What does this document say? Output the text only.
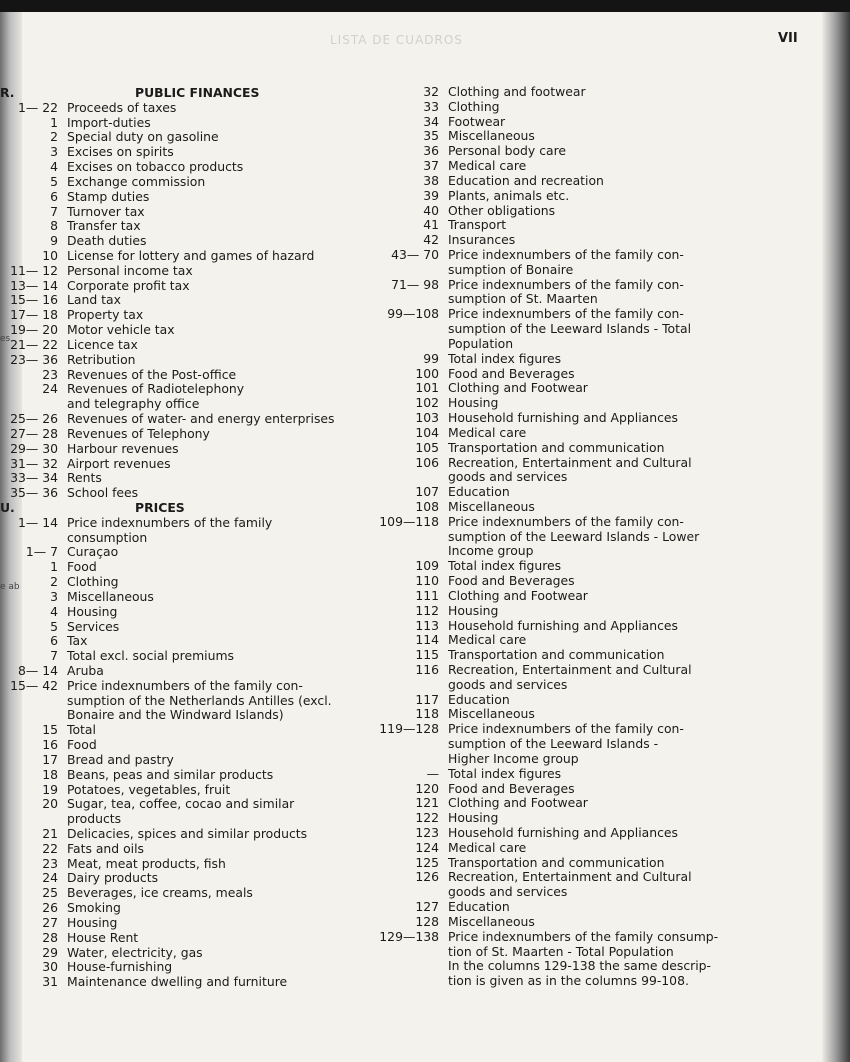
LISTA DE CUADROS	VII
es
e ab
R.	PUBLIC FINANCES
1— 22 Proceeds of taxes
1 Import-duties
2 Special duty on gasoline
3 Excises on spirits
4 Excises on tobacco products
5 Exchange commission
6 Stamp duties
7 Turnover tax
8 Transfer tax
9 Death duties
10 License for lottery and games of hazard
11— 12 Personal income tax
13— 14 Corporate profit tax
15— 16 Land tax
17— 18 Property tax
19— 20 Motor vehicle tax
21— 22 Licence tax
23— 36 Retribution
23 Revenues of the Post-office
24 Revenues of Radiotelephony
and telegraphy office
25— 26 Revenues of water- and energy enterprises
27— 28 Revenues of Telephony
29— 30 Harbour revenues
31— 32 Airport revenues
33— 34 Rents
35— 36 School fees
U.	PRICES
1— 14 Price indexnumbers of the family
consumption
1— 7 Curaçao
1 Food
2 Clothing
3 Miscellaneous
4 Housing
5 Services
6 Tax
7 Total excl. social premiums
8— 14 Aruba
15— 42 Price indexnumbers of the family con-
sumption of the Netherlands Antilles (excl.
Bonaire and the Windward Islands)
15 Total
16 Food
17 Bread and pastry
18 Beans, peas and similar products
19 Potatoes, vegetables, fruit
20 Sugar, tea, coffee, cocao and similar
products
21 Delicacies, spices and similar products
22 Fats and oils
23 Meat, meat products, fish
24 Dairy products
25 Beverages, ice creams, meals
26 Smoking
27 Housing
28 House Rent
29 Water, electricity, gas
30 House-furnishing
31 Maintenance dwelling and furniture
32 Clothing and footwear
33 Clothing
34 Footwear
35 Miscellaneous
36 Personal body care
37 Medical care
38 Education and recreation
39 Plants, animals etc.
40 Other obligations
41 Transport
42 Insurances
43— 70 Price indexnumbers of the family con-
sumption of Bonaire
71— 98 Price indexnumbers of the family con-
sumption of St. Maarten
99—108 Price indexnumbers of the family con-
sumption of the Leeward Islands - Total
Population
99 Total index figures
100 Food and Beverages
101 Clothing and Footwear
102 Housing
103 Household furnishing and Appliances
104 Medical care
105 Transportation and communication
106 Recreation, Entertainment and Cultural
goods and services
107 Education
108 Miscellaneous
109—118 Price indexnumbers of the family con-
sumption of the Leeward Islands - Lower
Income group
109 Total index figures
110 Food and Beverages
111 Clothing and Footwear
112 Housing
113 Household furnishing and Appliances
114 Medical care
115 Transportation and communication
116 Recreation, Entertainment and Cultural
goods and services
117 Education
118 Miscellaneous
119—128 Price indexnumbers of the family con-
sumption of the Leeward Islands -
Higher Income group
— Total index figures
120 Food and Beverages
121 Clothing and Footwear
122 Housing
123 Household furnishing and Appliances
124 Medical care
125 Transportation and communication
126 Recreation, Entertainment and Cultural
goods and services
127 Education
128 Miscellaneous
129—138 Price indexnumbers of the family consump-
tion of St. Maarten - Total Population
In the columns 129-138 the same descrip-
tion is given as in the columns 99-108.
